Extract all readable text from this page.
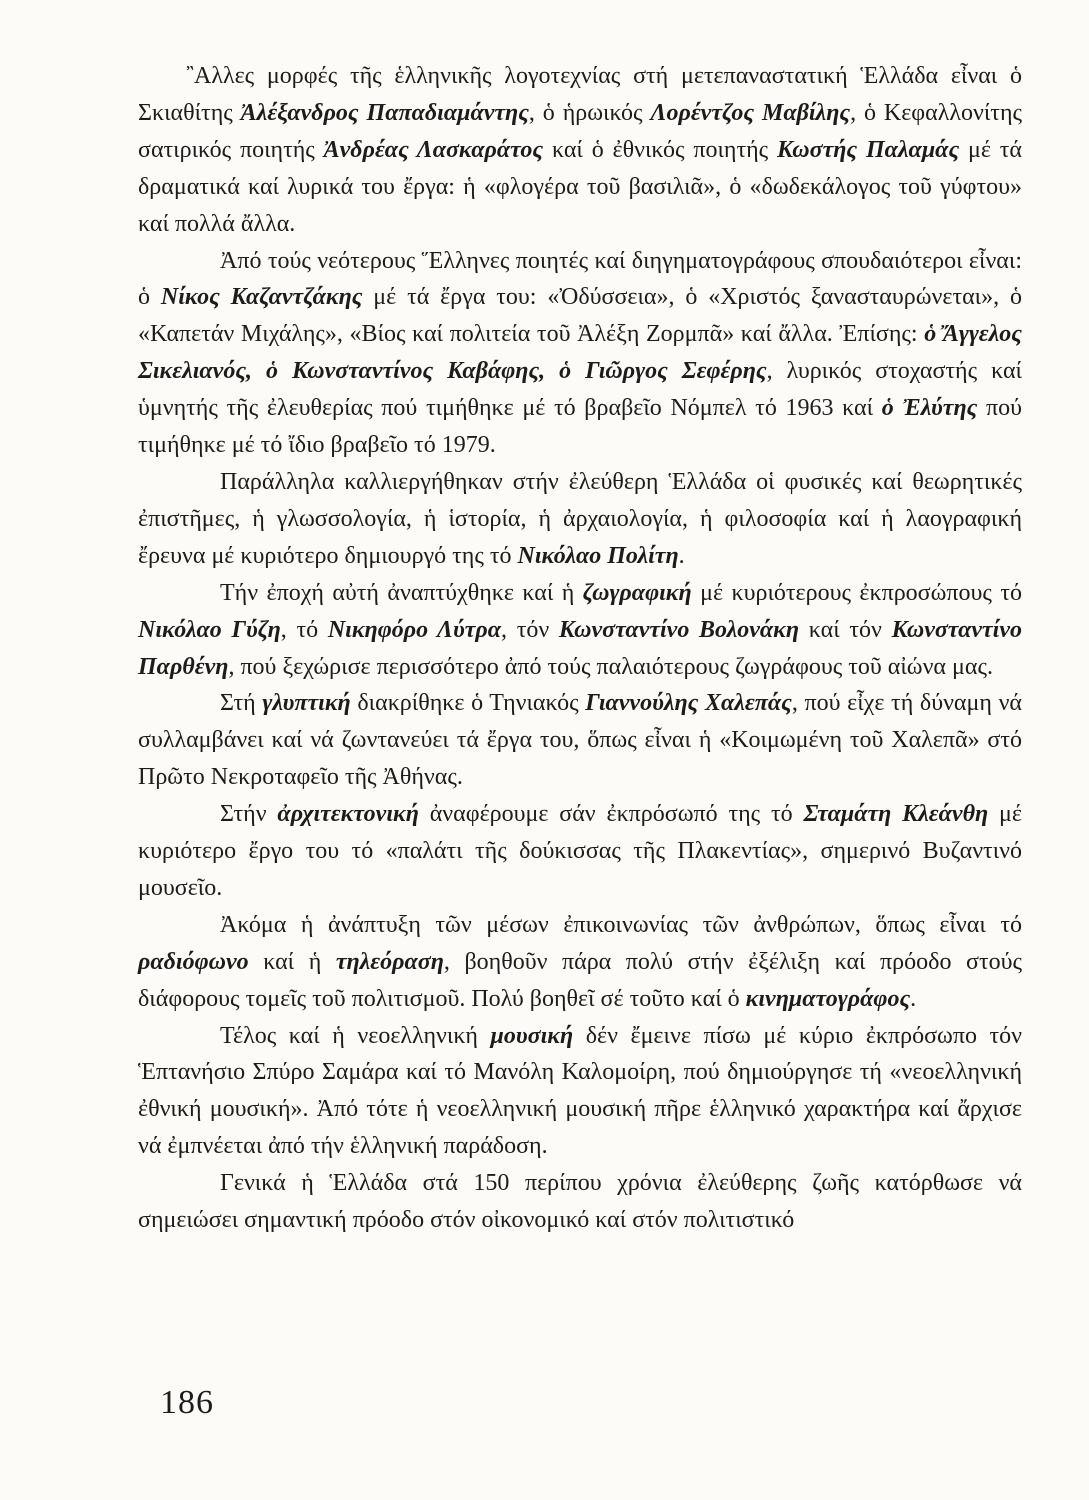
῍Αλλες μορφές τῆς ἑλληνικῆς λογοτεχνίας στή μετεπαναστατική Ἑλλάδα εἶναι ὁ Σκιαθίτης Ἀλέξανδρος Παπαδιαμάντης, ὁ ἡρωικός Λορέντζος Μαβίλης, ὁ Κεφαλλονίτης σατιρικός ποιητής Ἀνδρέας Λασκαράτος καί ὁ ἐθνικός ποιητής Κωστής Παλαμάς μέ τά δραματικά καί λυρικά του ἔργα: ἡ «φλογέρα τοῦ βασιλιᾶ», ὁ «δωδεκάλογος τοῦ γύφτου» καί πολλά ἄλλα.

Ἀπό τούς νεότερους Ἕλληνες ποιητές καί διηγηματογράφους σπουδαιότεροι εἶναι: ὁ Νίκος Καζαντζάκης μέ τά ἔργα του: «Ὀδύσσεια», ὁ «Χριστός ξανασταυρώνεται», ὁ «Καπετάν Μιχάλης», «Βίος καί πολιτεία τοῦ Ἀλέξη Ζορμπᾶ» καί ἄλλα. Ἐπίσης: ὁ Ἄγγελος Σικελιανός, ὁ Κωνσταντίνος Καβάφης, ὁ Γιῶργος Σεφέρης, λυρικός στοχαστής καί ὑμνητής τῆς ἐλευθερίας πού τιμήθηκε μέ τό βραβεῖο Νόμπελ τό 1963 καί ὁ Ἐλύτης πού τιμήθηκε μέ τό ἴδιο βραβεῖο τό 1979.

Παράλληλα καλλιεργήθηκαν στήν ἐλεύθερη Ἑλλάδα οἱ φυσικές καί θεωρητικές ἐπιστῆμες, ἡ γλωσσολογία, ἡ ἱστορία, ἡ ἀρχαιολογία, ἡ φιλοσοφία καί ἡ λαογραφική ἔρευνα μέ κυριότερο δημιουργό της τό Νικόλαο Πολίτη.

Τήν ἐποχή αὐτή ἀναπτύχθηκε καί ἡ ζωγραφική μέ κυριότερους ἐκπροσώπους τό Νικόλαο Γύζη, τό Νικηφόρο Λύτρα, τόν Κωνσταντίνο Βολονάκη καί τόν Κωνσταντίνο Παρθένη, πού ξεχώρισε περισσότερο ἀπό τούς παλαιότερους ζωγράφους τοῦ αἰώνα μας.

Στή γλυπτική διακρίθηκε ὁ Τηνιακός Γιαννούλης Χαλεπάς, πού εἶχε τή δύναμη νά συλλαμβάνει καί νά ζωντανεύει τά ἔργα του, ὅπως εἶναι ἡ «Κοιμωμένη τοῦ Χαλεπᾶ» στό Πρῶτο Νεκροταφεῖο τῆς Ἀθήνας.

Στήν ἀρχιτεκτονική ἀναφέρουμε σάν ἐκπρόσωπό της τό Σταμάτη Κλεάνθη μέ κυριότερο ἔργο του τό «παλάτι τῆς δούκισσας τῆς Πλακεντίας», σημερινό Βυζαντινό μουσεῖο.

Ἀκόμα ἡ ἀνάπτυξη τῶν μέσων ἐπικοινωνίας τῶν ἀνθρώπων, ὅπως εἶναι τό ραδιόφωνο καί ἡ τηλεόραση, βοηθοῦν πάρα πολύ στήν ἐξέλιξη καί πρόοδο στούς διάφορους τομεῖς τοῦ πολιτισμοῦ. Πολύ βοηθεῖ σέ τοῦτο καί ὁ κινηματογράφος.

Τέλος καί ἡ νεοελληνική μουσική δέν ἔμεινε πίσω μέ κύριο ἐκπρόσωπο τόν Ἑπτανήσιο Σπύρο Σαμάρα καί τό Μανόλη Καλομοίρη, πού δημιούργησε τή «νεοελληνική ἐθνική μουσική». Ἀπό τότε ἡ νεοελληνική μουσική πῆρε ἑλληνικό χαρακτήρα καί ἄρχισε νά ἐμπνέεται ἀπό τήν ἑλληνική παράδοση.

Γενικά ἡ Ἑλλάδα στά 150 περίπου χρόνια ἐλεύθερης ζωῆς κατόρθωσε νά σημειώσει σημαντική πρόοδο στόν οἰκονομικό καί στόν πολιτιστικό

186
